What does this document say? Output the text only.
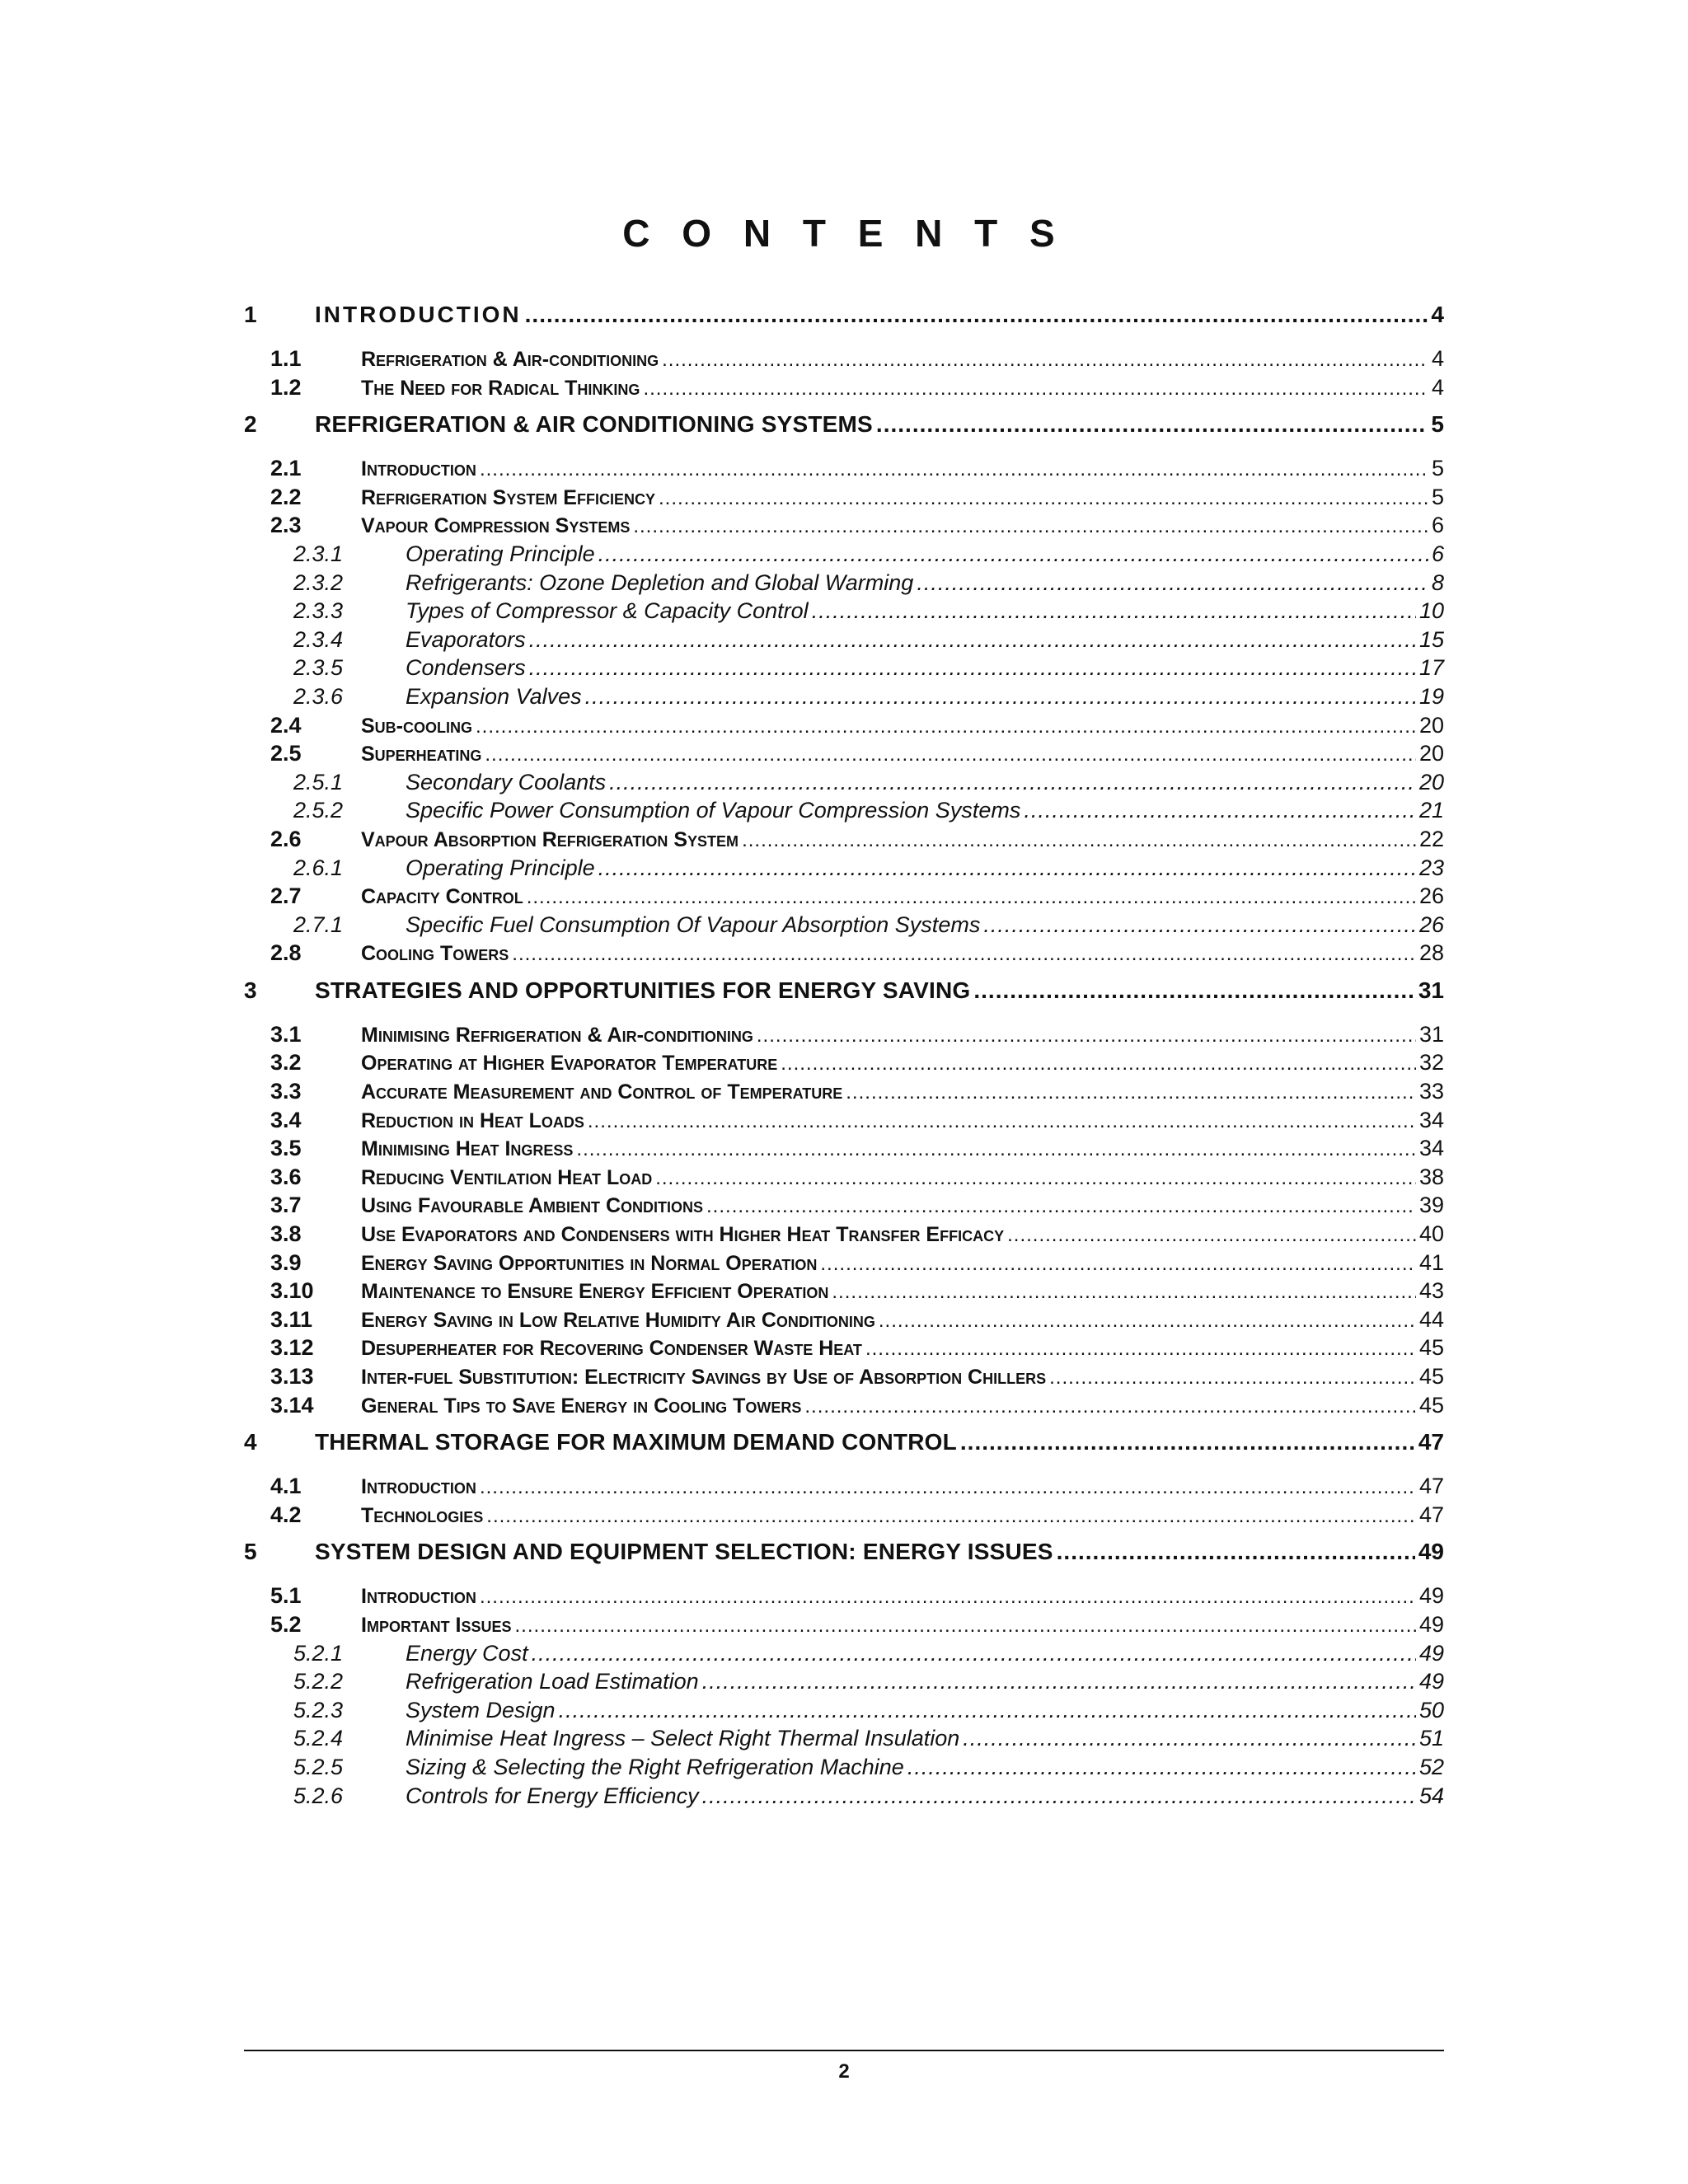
C O N T E N T S
1	INTRODUCTION .....	4
1.1	Refrigeration & Air-conditioning .....	4
1.2	The Need for Radical Thinking .....	4
2	REFRIGERATION & AIR CONDITIONING SYSTEMS .....	5
2.1	Introduction .....	5
2.2	Refrigeration System Efficiency .....	5
2.3	Vapour Compression Systems .....	6
2.3.1	Operating Principle .....	6
2.3.2	Refrigerants: Ozone Depletion and Global Warming .....	8
2.3.3	Types of Compressor & Capacity Control .....	10
2.3.4	Evaporators .....	15
2.3.5	Condensers .....	17
2.3.6	Expansion Valves .....	19
2.4	Sub-cooling .....	20
2.5	Superheating .....	20
2.5.1	Secondary Coolants .....	20
2.5.2	Specific Power Consumption of Vapour Compression Systems .....	21
2.6	Vapour Absorption Refrigeration System .....	22
2.6.1	Operating Principle .....	23
2.7	Capacity Control .....	26
2.7.1	Specific Fuel Consumption Of Vapour Absorption Systems .....	26
2.8	Cooling Towers .....	28
3	STRATEGIES AND OPPORTUNITIES FOR ENERGY SAVING .....	31
3.1	Minimising Refrigeration & Air-conditioning .....	31
3.2	Operating at Higher Evaporator Temperature .....	32
3.3	Accurate Measurement and Control of Temperature .....	33
3.4	Reduction in Heat Loads .....	34
3.5	Minimising Heat Ingress .....	34
3.6	Reducing Ventilation Heat Load .....	38
3.7	Using Favourable Ambient Conditions .....	39
3.8	Use Evaporators and Condensers with Higher Heat Transfer Efficacy .....	40
3.9	Energy Saving Opportunities in Normal Operation .....	41
3.10	Maintenance to Ensure Energy Efficient Operation .....	43
3.11	Energy Saving in Low Relative Humidity Air Conditioning .....	44
3.12	Desuperheater for Recovering Condenser Waste Heat .....	45
3.13	Inter-fuel Substitution: Electricity Savings by Use of Absorption Chillers .....	45
3.14	General Tips to Save Energy in Cooling Towers .....	45
4	THERMAL STORAGE FOR MAXIMUM DEMAND CONTROL .....	47
4.1	Introduction .....	47
4.2	Technologies .....	47
5	SYSTEM DESIGN AND EQUIPMENT SELECTION: ENERGY ISSUES .....	49
5.1	Introduction .....	49
5.2	Important Issues .....	49
5.2.1	Energy Cost .....	49
5.2.2	Refrigeration Load Estimation .....	49
5.2.3	System Design .....	50
5.2.4	Minimise Heat Ingress – Select Right Thermal Insulation .....	51
5.2.5	Sizing & Selecting the Right Refrigeration Machine .....	52
5.2.6	Controls for Energy Efficiency .....	54
2
